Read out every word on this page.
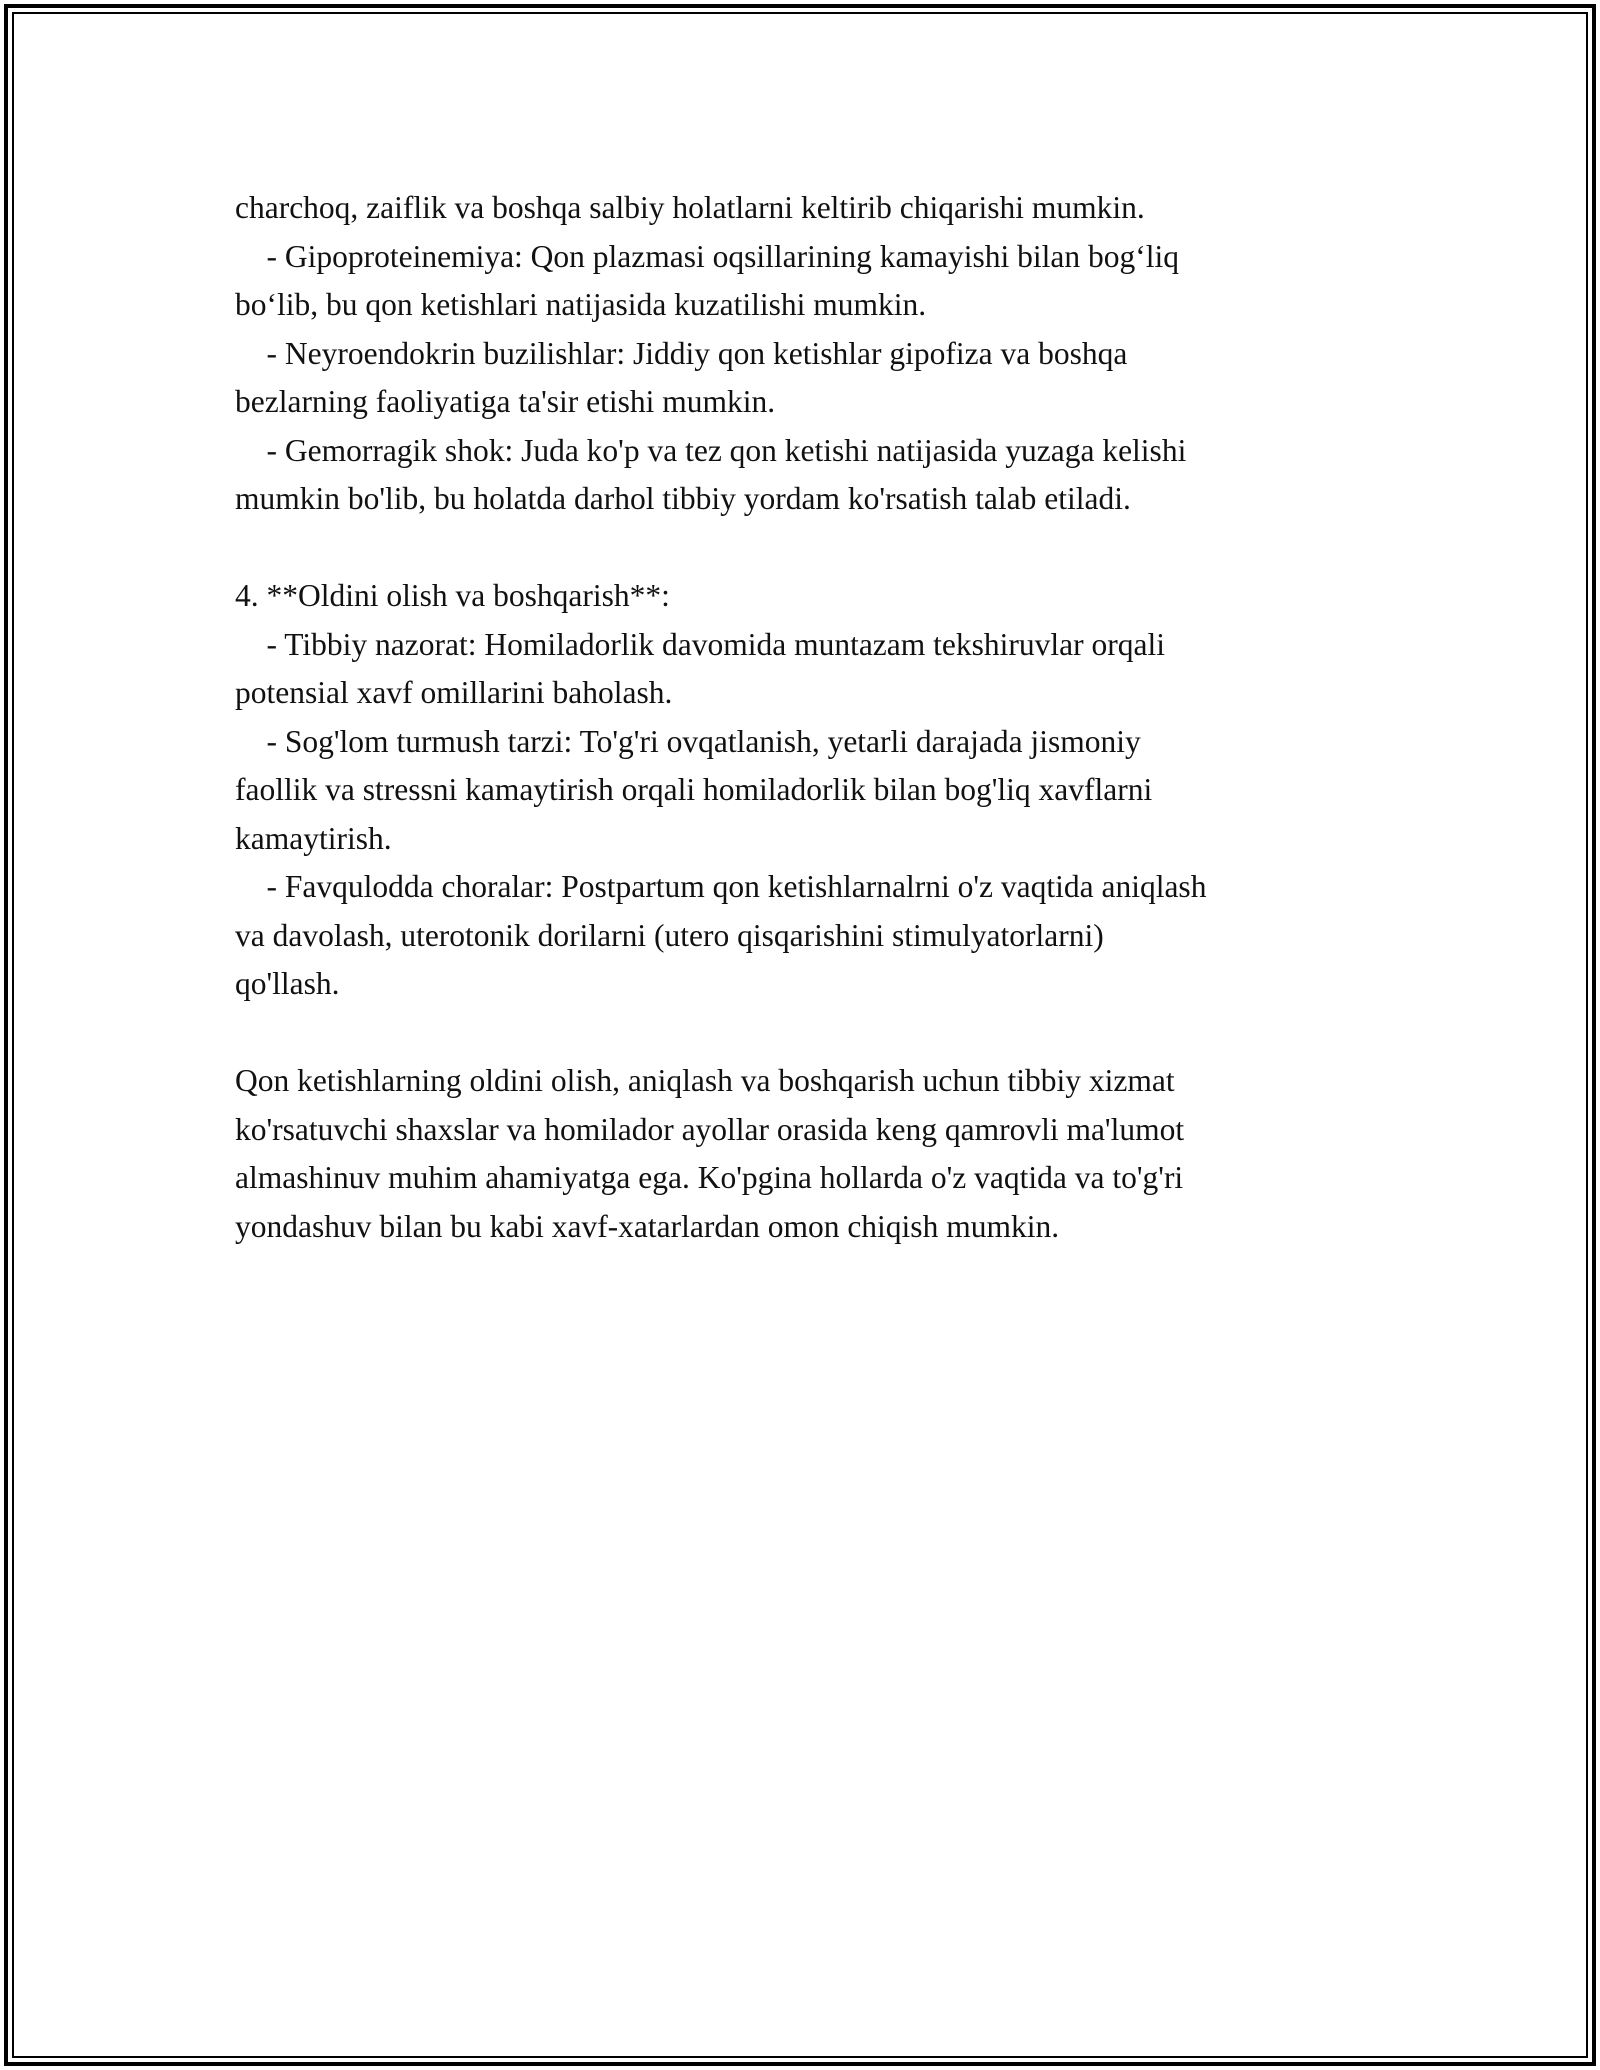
charchoq, zaiflik va boshqa salbiy holatlarni keltirib chiqarishi mumkin.
- Gipoproteinemiya: Qon plazmasi oqsillarining kamayishi bilan bogʻliq
boʻlib, bu qon ketishlari natijasida kuzatilishi mumkin.
- Neyroendokrin buzilishlar: Jiddiy qon ketishlar gipofiza va boshqa
bezlarning faoliyatiga ta'sir etishi mumkin.
- Gemorragik shok: Juda ko'p va tez qon ketishi natijasida yuzaga kelishi
mumkin bo'lib, bu holatda darhol tibbiy yordam ko'rsatish talab etiladi.
4. **Oldini olish va boshqarish**:
- Tibbiy nazorat: Homiladorlik davomida muntazam tekshiruvlar orqali
potensial xavf omillarini baholash.
- Sog'lom turmush tarzi: To'g'ri ovqatlanish, yetarli darajada jismoniy
faollik va stressni kamaytirish orqali homiladorlik bilan bog'liq xavflarni
kamaytirish.
- Favqulodda choralar: Postpartum qon ketishlarnalrni o'z vaqtida aniqlash
va davolash, uterotonik dorilarni (utero qisqarishini stimulyatorlarni)
qo'llash.
Qon ketishlarning oldini olish, aniqlash va boshqarish uchun tibbiy xizmat
ko'rsatuvchi shaxslar va homilador ayollar orasida keng qamrovli ma'lumot
almashinuv muhim ahamiyatga ega. Ko'pgina hollarda o'z vaqtida va to'g'ri
yondashuv bilan bu kabi xavf-xatarlardan omon chiqish mumkin.
